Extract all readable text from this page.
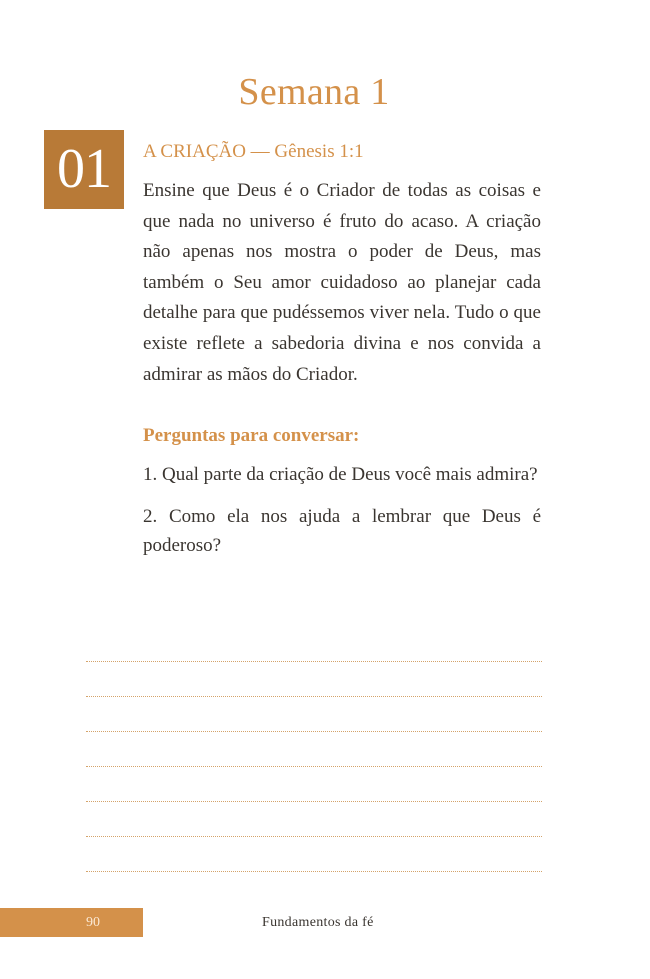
Semana 1
01	A CRIAÇÃO — Gênesis 1:1

Ensine que Deus é o Criador de todas as coisas e que nada no universo é fruto do acaso. A criação não apenas nos mostra o poder de Deus, mas também o Seu amor cuidadoso ao planejar cada detalhe para que pudéssemos viver nela. Tudo o que existe reflete a sabedoria divina e nos convida a admirar as mãos do Criador.

Perguntas para conversar:

1. Qual parte da criação de Deus você mais admira?

2. Como ela nos ajuda a lembrar que Deus é poderoso?

90	Fundamentos da fé
